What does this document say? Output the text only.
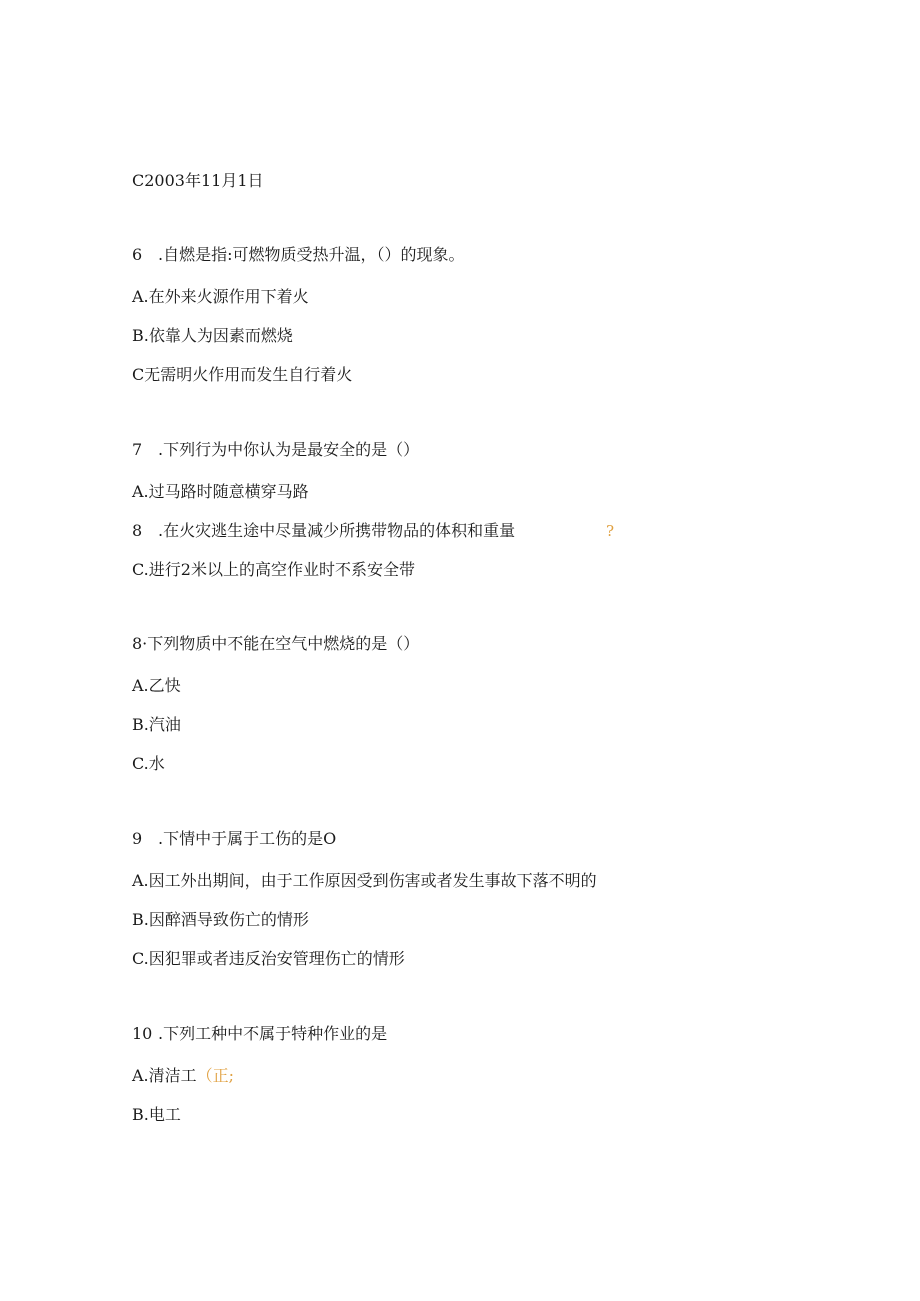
C2003年11月1日
6 .自燃是指:可燃物质受热升温，（）的现象。
A.在外来火源作用下着火
B.依靠人为因素而燃烧
C无需明火作用而发生自行着火
7 .下列行为中你认为是最安全的是（）
A.过马路时随意横穿马路
8 .在火灾逃生途中尽量减少所携带物品的体积和重量	?
C.进行2米以上的高空作业时不系安全带
8·下列物质中不能在空气中燃烧的是（）
A.乙快
B.汽油
C.水
9 .下情中于属于工伤的是O
A.因工外出期间，由于工作原因受到伤害或者发生事故下落不明的
B.因醉酒导致伤亡的情形
C.因犯罪或者违反治安管理伤亡的情形
10 .下列工种中不属于特种作业的是
A.清洁工（正;
B.电工
